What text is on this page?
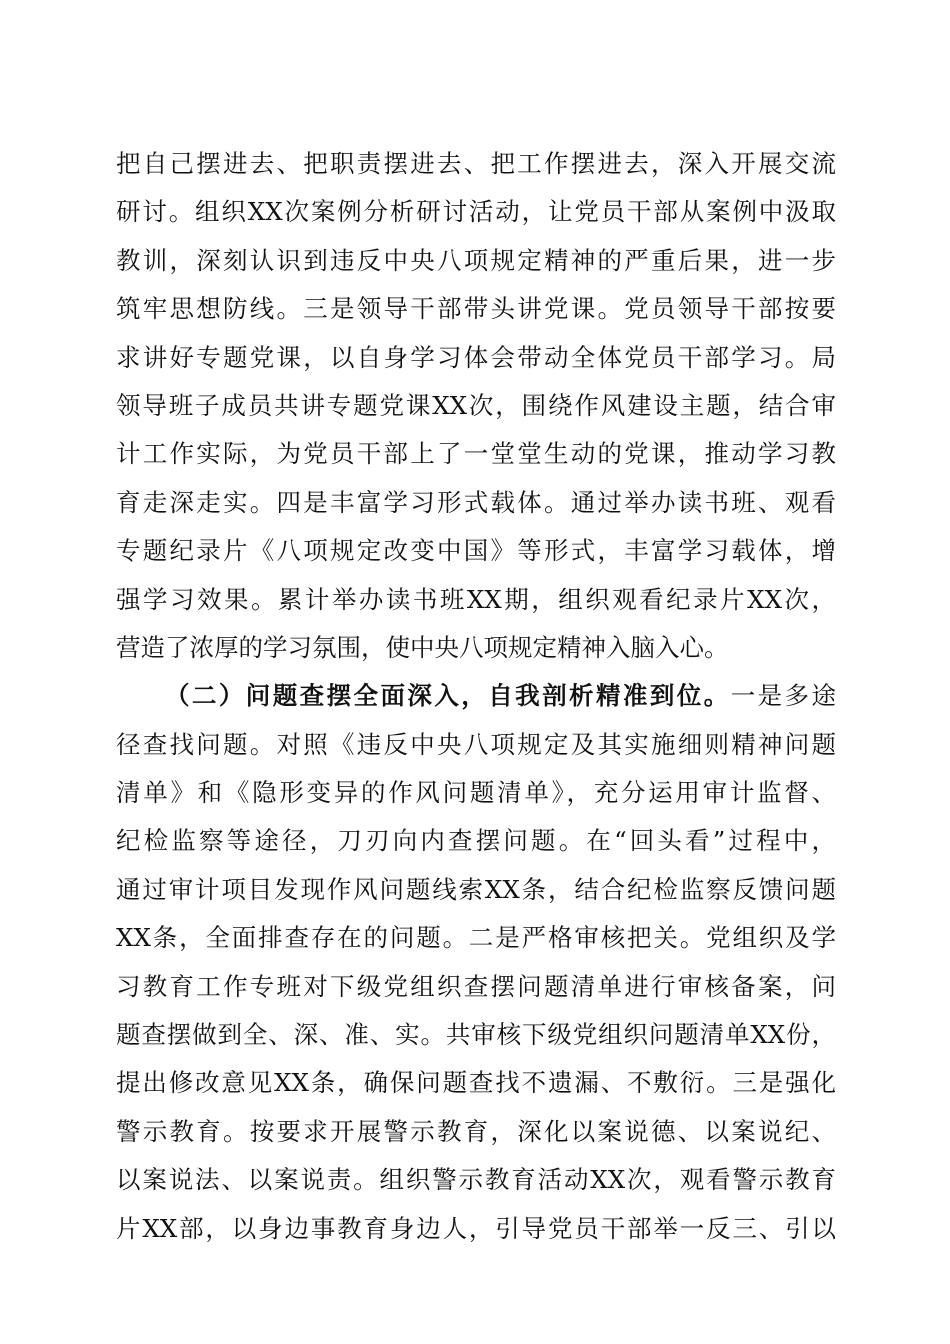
把自己摆进去、把职责摆进去、把工作摆进去，深入开展交流
研讨。组织XX次案例分析研讨活动，让党员干部从案例中汲取
教训，深刻认识到违反中央八项规定精神的严重后果，进一步
筑牢思想防线。三是领导干部带头讲党课。党员领导干部按要
求讲好专题党课，以自身学习体会带动全体党员干部学习。局
领导班子成员共讲专题党课XX次，围绕作风建设主题，结合审
计工作实际，为党员干部上了一堂堂生动的党课，推动学习教
育走深走实。四是丰富学习形式载体。通过举办读书班、观看
专题纪录片《八项规定改变中国》等形式，丰富学习载体，增
强学习效果。累计举办读书班XX期，组织观看纪录片XX次，
营造了浓厚的学习氛围，使中央八项规定精神入脑入心。
（二）问题查摆全面深入，自我剖析精准到位。一是多途
径查找问题。对照《违反中央八项规定及其实施细则精神问题
清单》和《隐形变异的作风问题清单》，充分运用审计监督、
纪检监察等途径，刀刃向内查摆问题。在“回头看”过程中，
通过审计项目发现作风问题线索XX条，结合纪检监察反馈问题
XX条，全面排查存在的问题。二是严格审核把关。党组织及学
习教育工作专班对下级党组织查摆问题清单进行审核备案，问
题查摆做到全、深、准、实。共审核下级党组织问题清单XX份，
提出修改意见XX条，确保问题查找不遗漏、不敷衍。三是强化
警示教育。按要求开展警示教育，深化以案说德、以案说纪、
以案说法、以案说责。组织警示教育活动XX次，观看警示教育
片XX部，以身边事教育身边人，引导党员干部举一反三、引以
